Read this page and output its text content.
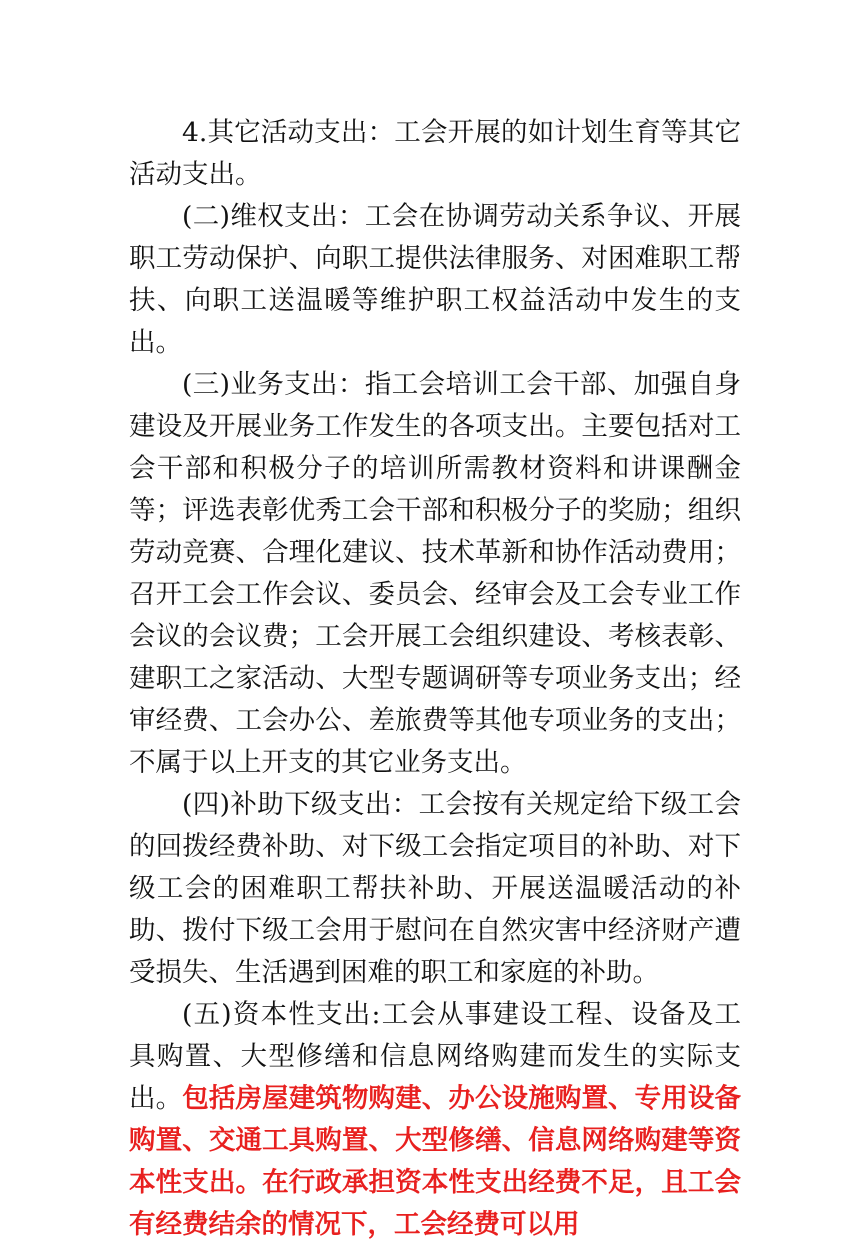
4.其它活动支出：工会开展的如计划生育等其它活动支出。

(二)维权支出：工会在协调劳动关系争议、开展职工劳动保护、向职工提供法律服务、对困难职工帮扶、向职工送温暖等维护职工权益活动中发生的支出。

(三)业务支出：指工会培训工会干部、加强自身建设及开展业务工作发生的各项支出。主要包括对工会干部和积极分子的培训所需教材资料和讲课酬金等；评选表彰优秀工会干部和积极分子的奖励；组织劳动竞赛、合理化建议、技术革新和协作活动费用；召开工会工作会议、委员会、经审会及工会专业工作会议的会议费；工会开展工会组织建设、考核表彰、建职工之家活动、大型专题调研等专项业务支出；经审经费、工会办公、差旅费等其他专项业务的支出；不属于以上开支的其它业务支出。

(四)补助下级支出：工会按有关规定给下级工会的回拨经费补助、对下级工会指定项目的补助、对下级工会的困难职工帮扶补助、开展送温暖活动的补助、拨付下级工会用于慰问在自然灾害中经济财产遭受损失、生活遇到困难的职工和家庭的补助。

(五)资本性支出:工会从事建设工程、设备及工具购置、大型修缮和信息网络购建而发生的实际支出。包括房屋建筑物购建、办公设施购置、专用设备购置、交通工具购置、大型修缮、信息网络购建等资本性支出。在行政承担资本性支出经费不足，且工会有经费结余的情况下，工会经费可以用
